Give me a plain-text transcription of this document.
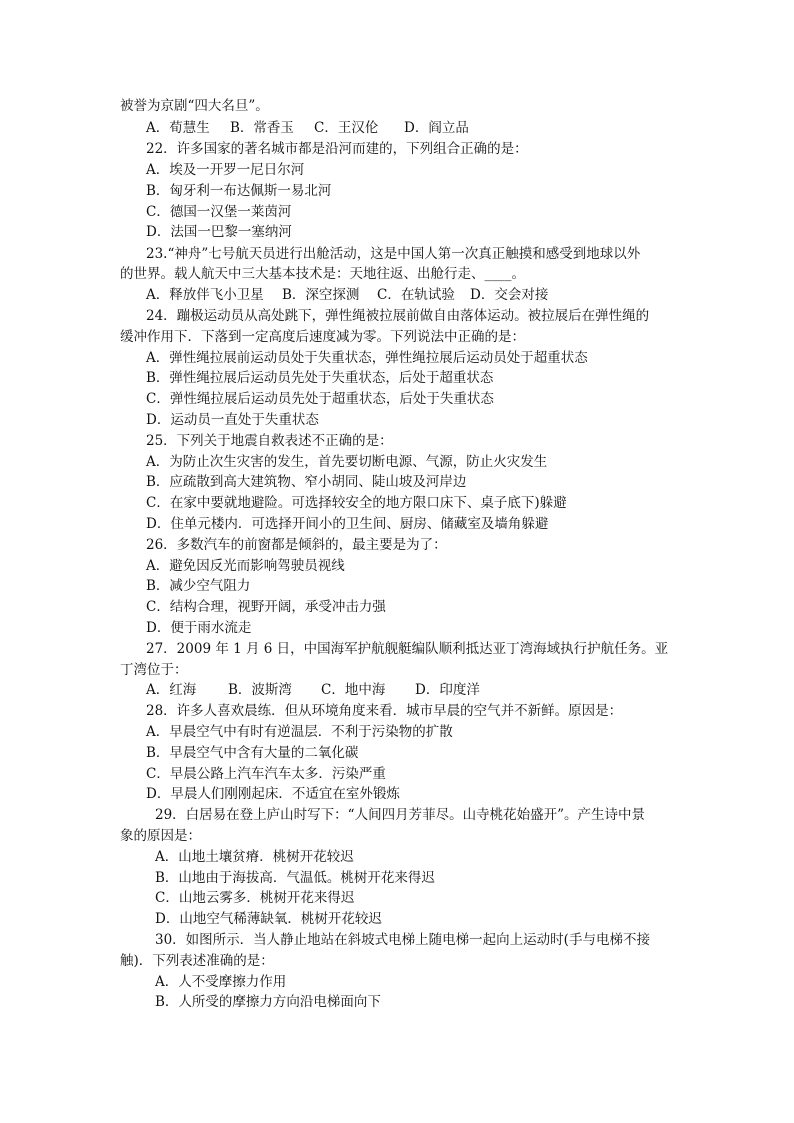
被誉为京剧“四大名旦”。
A．荀慧生	B．常香玉	C．王汉伦	D．阎立品
22．许多国家的著名城市都是沿河而建的，下列组合正确的是：
A．埃及一开罗一尼日尔河
B．匈牙利一布达佩斯一易北河
C．德国一汉堡一莱茵河
D．法国一巴黎一塞纳河
23.“神舟”七号航天员进行出舱活动，这是中国人第一次真正触摸和感受到地球以外
的世界。载人航天中三大基本技术是：天地往返、出舱行走、____。
A．释放伴飞小卫星	B．深空探测	C．在轨试验	D．交会对接
24．蹦极运动员从高处跳下，弹性绳被拉展前做自由落体运动。被拉展后在弹性绳的
缓冲作用下．下落到一定高度后速度减为零。下列说法中正确的是：
A．弹性绳拉展前运动员处于失重状态，弹性绳拉展后运动员处于超重状态
B．弹性绳拉展后运动员先处于失重状态，后处于超重状态
C．弹性绳拉展后运动员先处于超重状态，后处于失重状态
D．运动员一直处于失重状态
25．下列关于地震自救表述不正确的是：
A．为防止次生灾害的发生，首先要切断电源、气源，防止火灾发生
B．应疏散到高大建筑物、窄小胡同、陡山坡及河岸边
C．在家中要就地避险。可选择较安全的地方限口床下、桌子底下)躲避
D．住单元楼内．可选择开间小的卫生间、厨房、储藏室及墙角躲避
26．多数汽车的前窗都是倾斜的，最主要是为了：
A．避免因反光而影响驾驶员视线
B．减少空气阻力
C．结构合理，视野开阔，承受冲击力强
D．便于雨水流走
27．2009 年 1 月 6 日，中国海军护航舰艇编队顺利抵达亚丁湾海域执行护航任务。亚
丁湾位于：
A．红海	B．波斯湾	C．地中海	D．印度洋
28．许多人喜欢晨练．但从环境角度来看．城市早晨的空气并不新鲜。原因是：
A．早晨空气中有时有逆温层．不利于污染物的扩散
B．早晨空气中含有大量的二氧化碳
C．早晨公路上汽车汽车太多．污染严重
D．早晨人们刚刚起床．不适宜在室外锻炼
29．白居易在登上庐山时写下：“人间四月芳菲尽。山寺桃花始盛开”。产生诗中景
象的原因是：
A．山地土壤贫瘠．桃树开花较迟
B．山地由于海拔高．气温低。桃树开花来得迟
C．山地云雾多．桃树开花来得迟
D．山地空气稀薄缺氧．桃树开花较迟
30．如图所示．当人静止地站在斜坡式电梯上随电梯一起向上运动时(手与电梯不接
触)．下列表述准确的是：
A．人不受摩擦力作用
B．人所受的摩擦力方向沿电梯面向下
